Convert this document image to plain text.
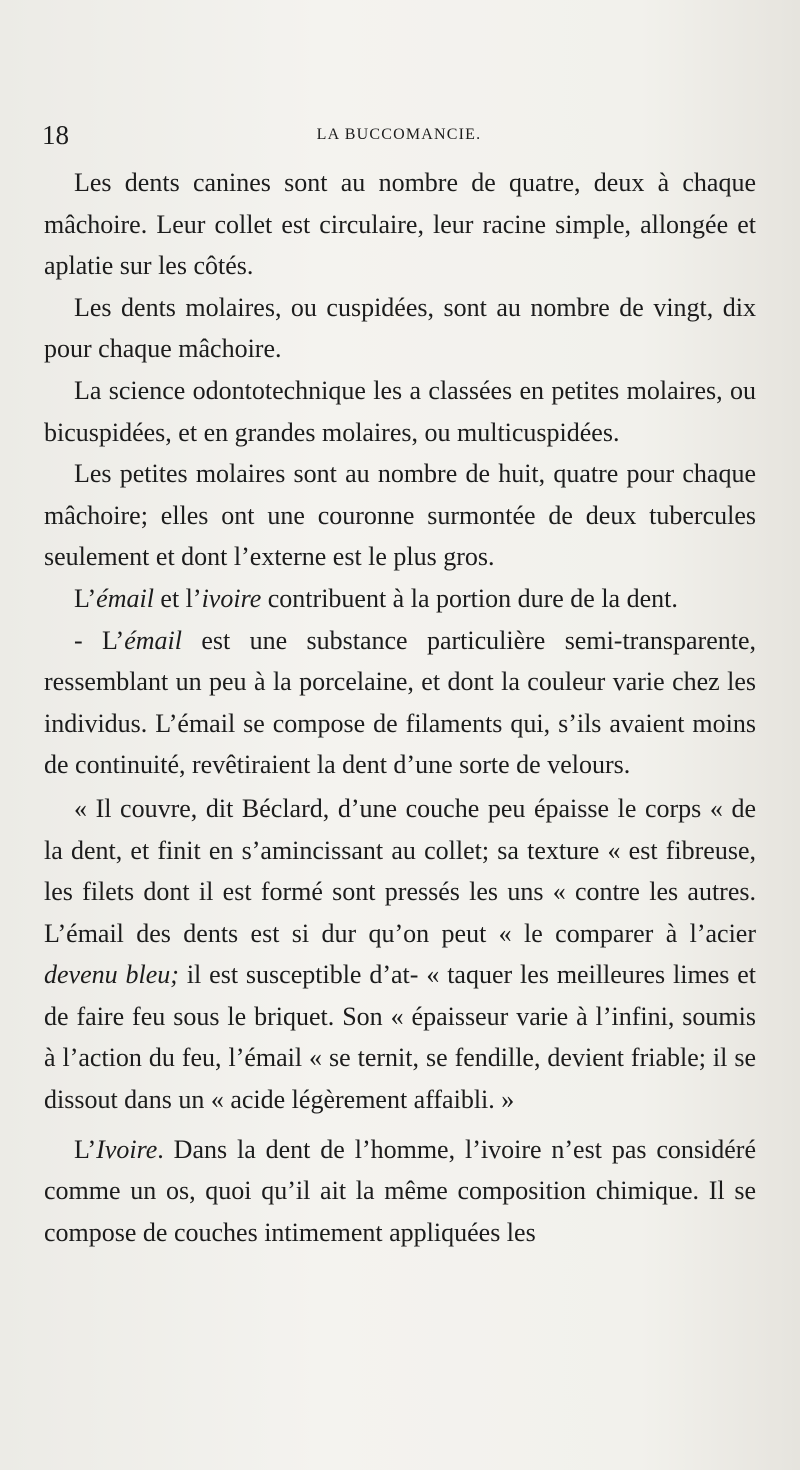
18	LA BUCCOMANCIE.

Les dents canines sont au nombre de quatre, deux à chaque mâchoire. Leur collet est circulaire, leur racine simple, allongée et aplatie sur les côtés.

Les dents molaires, ou cuspidées, sont au nombre de vingt, dix pour chaque mâchoire.

La science odontotechnique les a classées en petites molaires, ou bicuspidées, et en grandes molaires, ou multicuspidées.

Les petites molaires sont au nombre de huit, quatre pour chaque mâchoire; elles ont une couronne surmontée de deux tubercules seulement et dont l’externe est le plus gros.

L’émail et l’ivoire contribuent à la portion dure de la dent.

- L’émail est une substance particulière semi-transparente, ressemblant un peu à la porcelaine, et dont la couleur varie chez les individus. L’émail se compose de filaments qui, s’ils avaient moins de continuité, revêtiraient la dent d’une sorte de velours.

« Il couvre, dit Béclard, d’une couche peu épaisse le corps « de la dent, et finit en s’amincissant au collet; sa texture « est fibreuse, les filets dont il est formé sont pressés les uns « contre les autres. L’émail des dents est si dur qu’on peut « le comparer à l’acier devenu bleu; il est susceptible d’at- « taquer les meilleures limes et de faire feu sous le briquet. Son « épaisseur varie à l’infini, soumis à l’action du feu, l’émail « se ternit, se fendille, devient friable; il se dissout dans un « acide légèrement affaibli. »

L’Ivoire. Dans la dent de l’homme, l’ivoire n’est pas considéré comme un os, quoi qu’il ait la même composition chimique. Il se compose de couches intimement appliquées les
